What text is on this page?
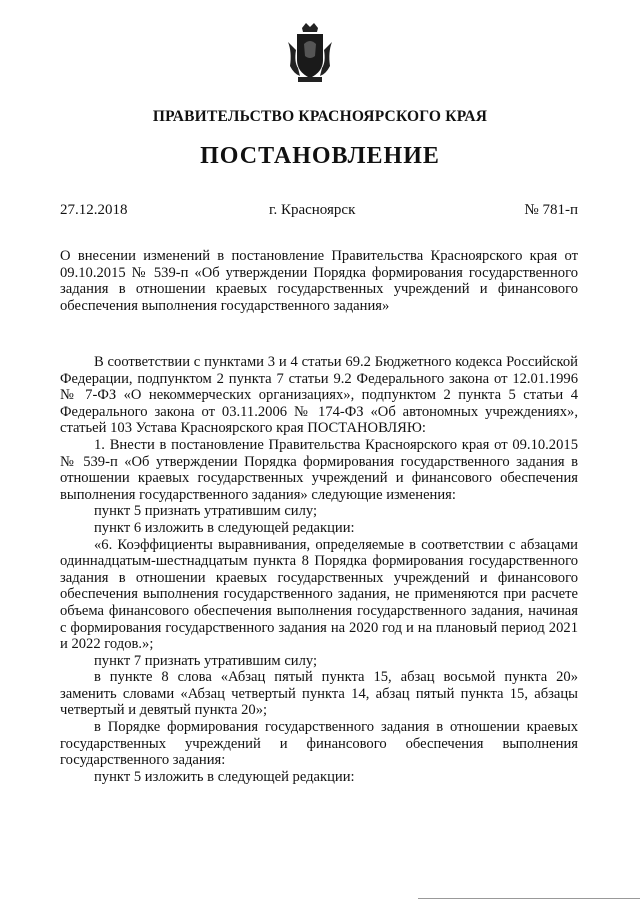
ПРАВИТЕЛЬСТВО КРАСНОЯРСКОГО КРАЯ
ПОСТАНОВЛЕНИЕ
27.12.2018	г. Красноярск	№ 781-п

О внесении изменений в постановление Правительства Красноярского края от 09.10.2015 № 539-п «Об утверждении Порядка формирования государственного задания в отношении краевых государственных учреждений и финансового обеспечения выполнения государственного задания»

В соответствии с пунктами 3 и 4 статьи 69.2 Бюджетного кодекса Российской Федерации, подпунктом 2 пункта 7 статьи 9.2 Федерального закона от 12.01.1996 № 7-ФЗ «О некоммерческих организациях», подпунктом 2 пункта 5 статьи 4 Федерального закона от 03.11.2006 № 174-ФЗ «Об автономных учреждениях», статьей 103 Устава Красноярского края ПОСТАНОВЛЯЮ:

1. Внести в постановление Правительства Красноярского края от 09.10.2015 № 539-п «Об утверждении Порядка формирования государственного задания в отношении краевых государственных учреждений и финансового обеспечения выполнения государственного задания» следующие изменения:

пункт 5 признать утратившим силу;

пункт 6 изложить в следующей редакции:

«6. Коэффициенты выравнивания, определяемые в соответствии с абзацами одиннадцатым-шестнадцатым пункта 8 Порядка формирования государственного задания в отношении краевых государственных учреждений и финансового обеспечения выполнения государственного задания, не применяются при расчете объема финансового обеспечения выполнения государственного задания, начиная с формирования государственного задания на 2020 год и на плановый период 2021 и 2022 годов.»;

пункт 7 признать утратившим силу;

в пункте 8 слова «Абзац пятый пункта 15, абзац восьмой пункта 20» заменить словами «Абзац четвертый пункта 14, абзац пятый пункта 15, абзацы четвертый и девятый пункта 20»;

в Порядке формирования государственного задания в отношении краевых государственных учреждений и финансового обеспечения выполнения государственного задания:

пункт 5 изложить в следующей редакции:
